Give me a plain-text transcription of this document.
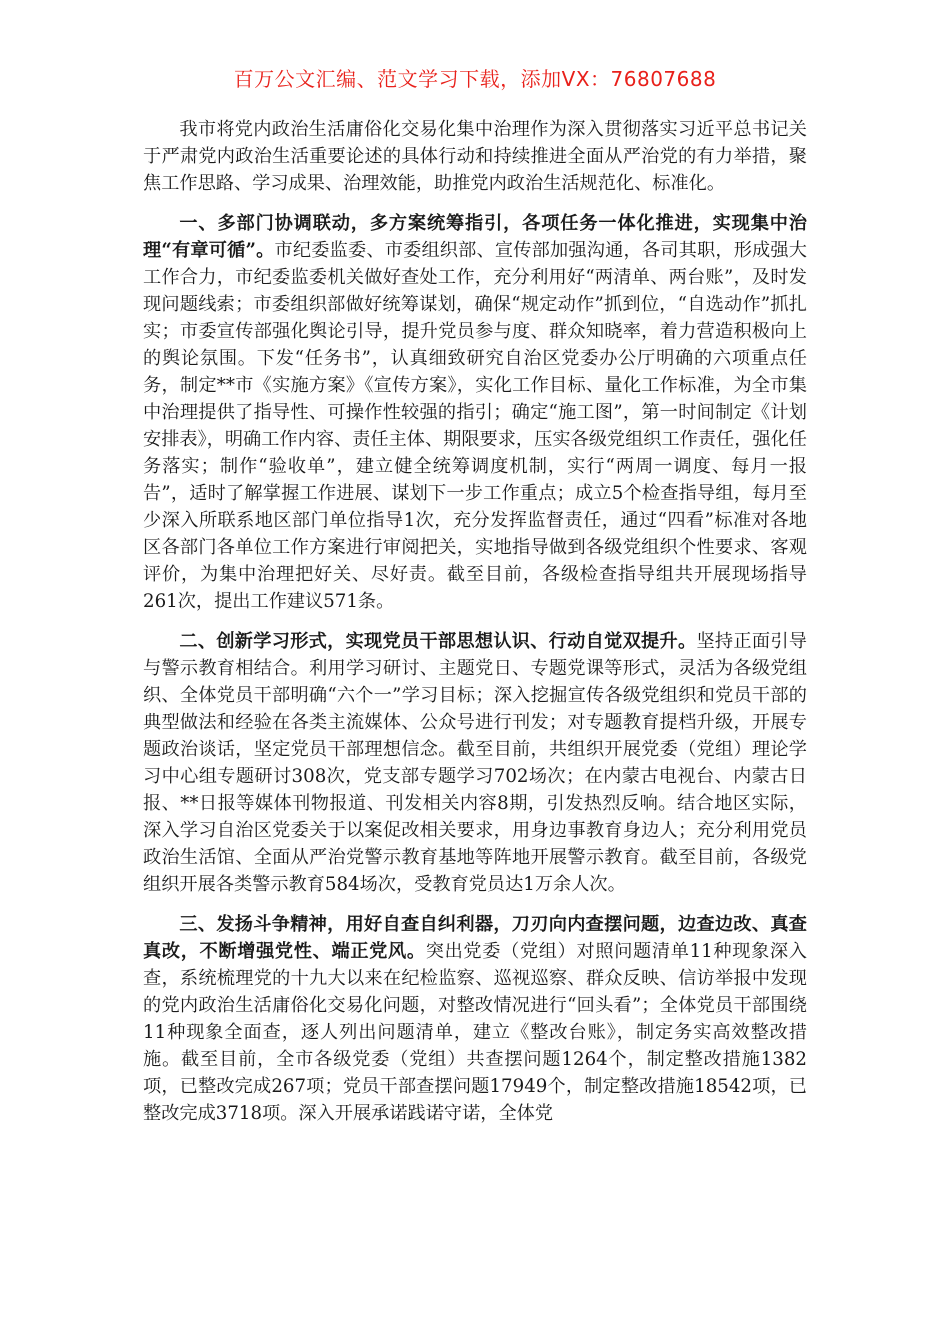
百万公文汇编、范文学习下载，添加VX：76807688

我市将党内政治生活庸俗化交易化集中治理作为深入贯彻落实习近平总书记关于严肃党内政治生活重要论述的具体行动和持续推进全面从严治党的有力举措，聚焦工作思路、学习成果、治理效能，助推党内政治生活规范化、标准化。

一、多部门协调联动，多方案统筹指引，各项任务一体化推进，实现集中治理“有章可循”。市纪委监委、市委组织部、宣传部加强沟通，各司其职，形成强大工作合力，市纪委监委机关做好查处工作，充分利用好“两清单、两台账”，及时发现问题线索；市委组织部做好统筹谋划，确保“规定动作”抓到位，“自选动作”抓扎实；市委宣传部强化舆论引导，提升党员参与度、群众知晓率，着力营造积极向上的舆论氛围。下发“任务书”，认真细致研究自治区党委办公厅明确的六项重点任务，制定**市《实施方案》《宣传方案》，实化工作目标、量化工作标准，为全市集中治理提供了指导性、可操作性较强的指引；确定“施工图”，第一时间制定《计划安排表》，明确工作内容、责任主体、期限要求，压实各级党组织工作责任，强化任务落实；制作“验收单”，建立健全统筹调度机制，实行“两周一调度、每月一报告”，适时了解掌握工作进展、谋划下一步工作重点；成立5个检查指导组，每月至少深入所联系地区部门单位指导1次，充分发挥监督责任，通过“四看”标准对各地区各部门各单位工作方案进行审阅把关，实地指导做到各级党组织个性要求、客观评价，为集中治理把好关、尽好责。截至目前，各级检查指导组共开展现场指导261次，提出工作建议571条。

二、创新学习形式，实现党员干部思想认识、行动自觉双提升。坚持正面引导与警示教育相结合。利用学习研讨、主题党日、专题党课等形式，灵活为各级党组织、全体党员干部明确“六个一”学习目标；深入挖掘宣传各级党组织和党员干部的典型做法和经验在各类主流媒体、公众号进行刊发；对专题教育提档升级，开展专题政治谈话，坚定党员干部理想信念。截至目前，共组织开展党委（党组）理论学习中心组专题研讨308次，党支部专题学习702场次；在内蒙古电视台、内蒙古日报、**日报等媒体刊物报道、刊发相关内容8期，引发热烈反响。结合地区实际，深入学习自治区党委关于以案促改相关要求，用身边事教育身边人；充分利用党员政治生活馆、全面从严治党警示教育基地等阵地开展警示教育。截至目前，各级党组织开展各类警示教育584场次，受教育党员达1万余人次。

三、发扬斗争精神，用好自查自纠利器，刀刃向内查摆问题，边查边改、真查真改，不断增强党性、端正党风。突出党委（党组）对照问题清单11种现象深入查，系统梳理党的十九大以来在纪检监察、巡视巡察、群众反映、信访举报中发现的党内政治生活庸俗化交易化问题，对整改情况进行“回头看”；全体党员干部围绕11种现象全面查，逐人列出问题清单，建立《整改台账》，制定务实高效整改措施。截至目前，全市各级党委（党组）共查摆问题1264个，制定整改措施1382项，已整改完成267项；党员干部查摆问题17949个，制定整改措施18542项，已整改完成3718项。深入开展承诺践诺守诺，全体党
